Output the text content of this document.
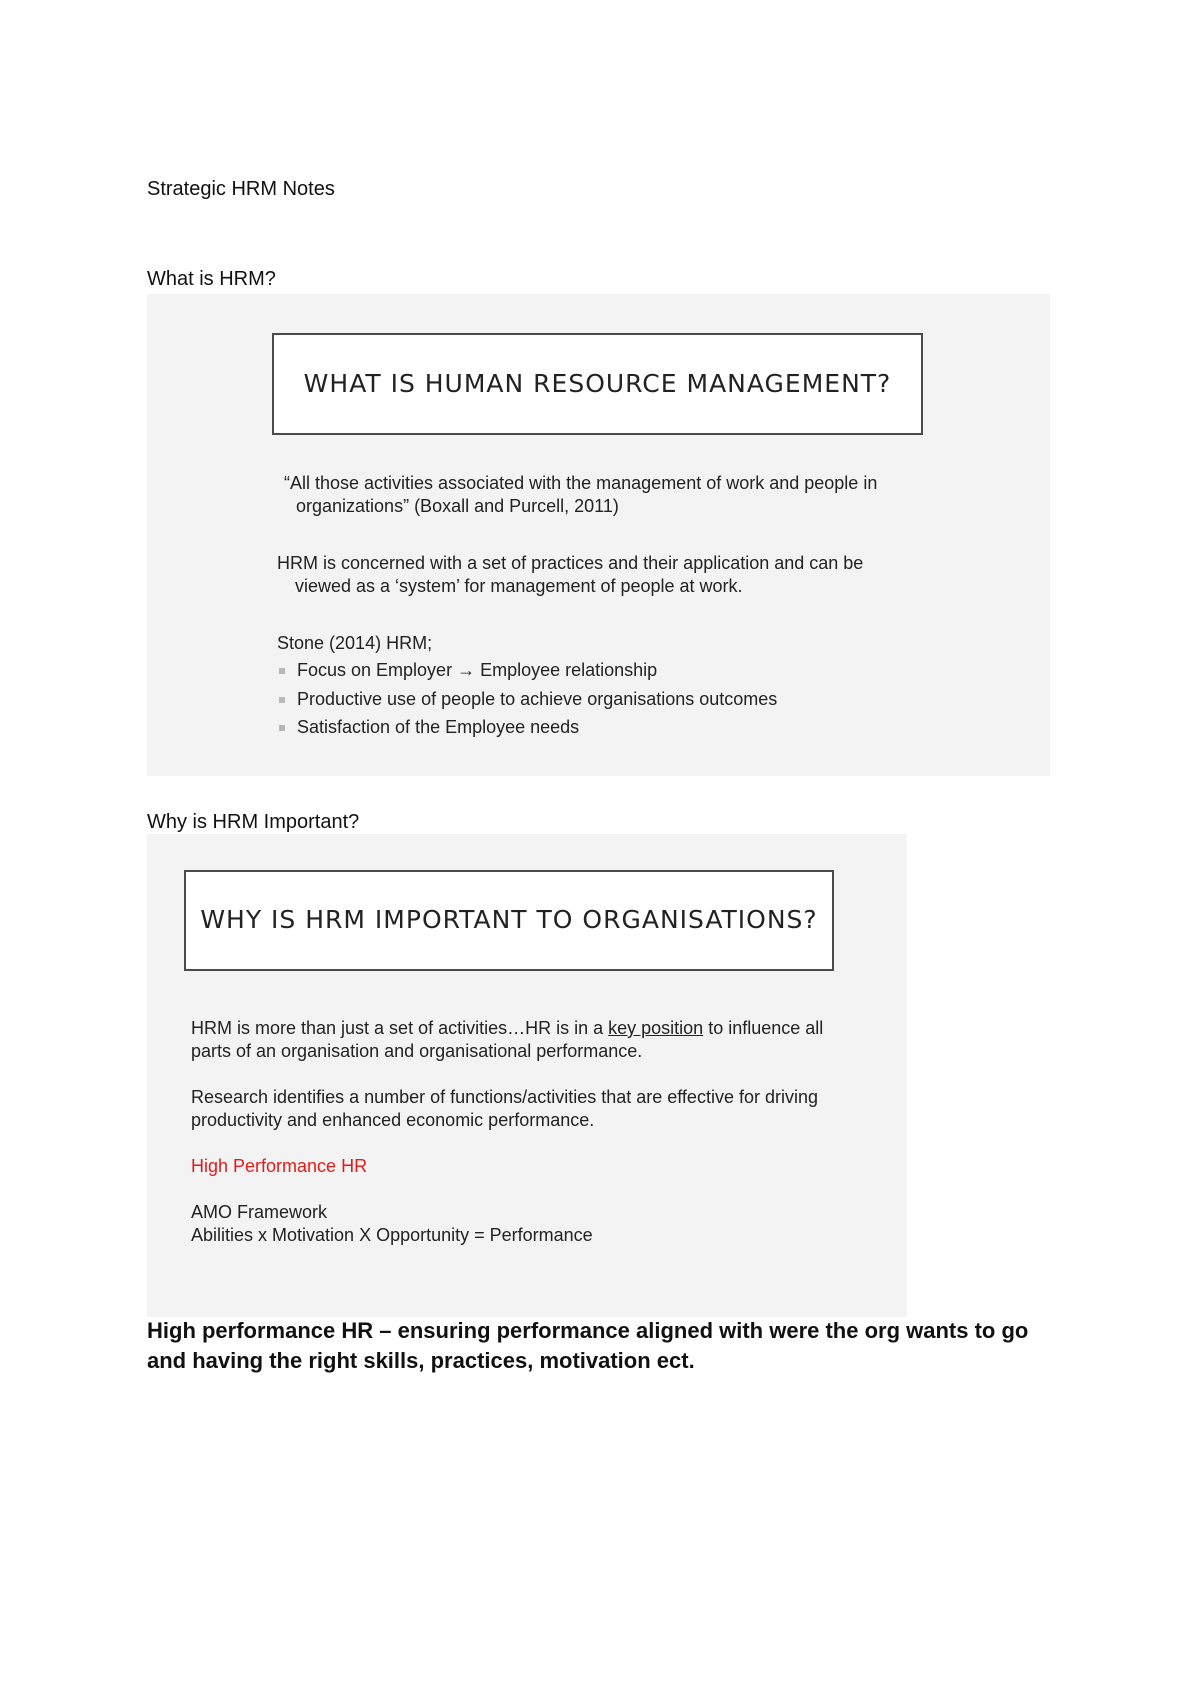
Strategic HRM Notes
What is HRM?
WHAT IS HUMAN RESOURCE MANAGEMENT?
“All those activities associated with the management of work and people in organizations” (Boxall and Purcell, 2011)
HRM is concerned with a set of practices and their application and can be
viewed as a ‘system’ for management of people at work.
Stone (2014) HRM;
Focus on Employer → Employee relationship
Productive use of people to achieve organisations outcomes
Satisfaction of the Employee needs
Why is HRM Important?
WHY IS HRM IMPORTANT TO ORGANISATIONS?
HRM is more than just a set of activities…HR is in a key position to influence all parts of an organisation and organisational performance.
Research identifies a number of functions/activities that are effective for driving productivity and enhanced economic performance.
High Performance HR
AMO Framework
Abilities x Motivation X Opportunity = Performance
High performance HR – ensuring performance aligned with were the org wants to go and having the right skills, practices, motivation ect.
